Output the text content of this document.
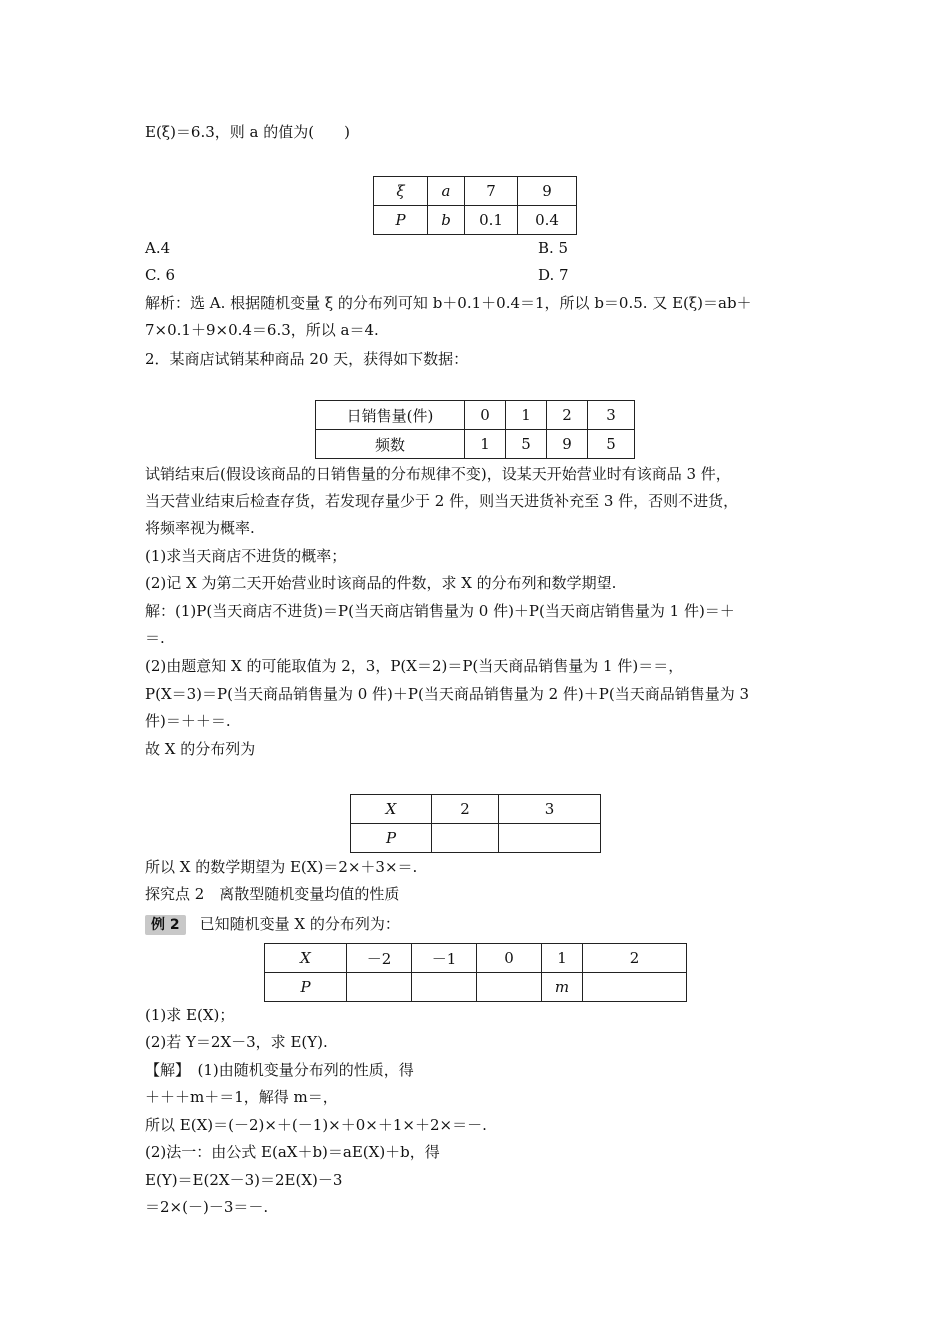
E(ξ)＝6.3，则 a 的值为(　　)
ξ	a	7	9
P	b	0.1	0.4
A.4	B. 5
C. 6	D. 7
解析：选 A. 根据随机变量 ξ 的分布列可知 b＋0.1＋0.4＝1，所以 b＝0.5. 又 E(ξ)＝ab＋
7×0.1＋9×0.4＝6.3，所以 a＝4.
2．某商店试销某种商品 20 天，获得如下数据：
日销售量(件)	0	1	2	3
频数	1	5	9	5
试销结束后(假设该商品的日销售量的分布规律不变)，设某天开始营业时有该商品 3 件，
当天营业结束后检查存货，若发现存量少于 2 件，则当天进货补充至 3 件，否则不进货，
将频率视为概率.
(1)求当天商店不进货的概率；
(2)记 X 为第二天开始营业时该商品的件数，求 X 的分布列和数学期望.
解：(1)P(当天商店不进货)＝P(当天商店销售量为 0 件)＋P(当天商店销售量为 1 件)＝＋
＝.
(2)由题意知 X 的可能取值为 2，3，P(X＝2)＝P(当天商品销售量为 1 件)＝＝，
P(X＝3)＝P(当天商品销售量为 0 件)＋P(当天商品销售量为 2 件)＋P(当天商品销售量为 3
件)＝＋＋＝.
故 X 的分布列为
X	2	3
P		
所以 X 的数学期望为 E(X)＝2×＋3×＝.
探究点 2　离散型随机变量均值的性质
例 2 已知随机变量 X 的分布列为：
X	－2	－1	0	1	2
P				m	
(1)求 E(X)；
(2)若 Y＝2X－3，求 E(Y).
【解】　(1)由随机变量分布列的性质，得
＋＋＋m＋＝1，解得 m＝，
所以 E(X)＝(－2)×＋(－1)×＋0×＋1×＋2×＝－.
(2)法一：由公式 E(aX＋b)＝aE(X)＋b，得
E(Y)＝E(2X－3)＝2E(X)－3
＝2×(－)－3＝－.
